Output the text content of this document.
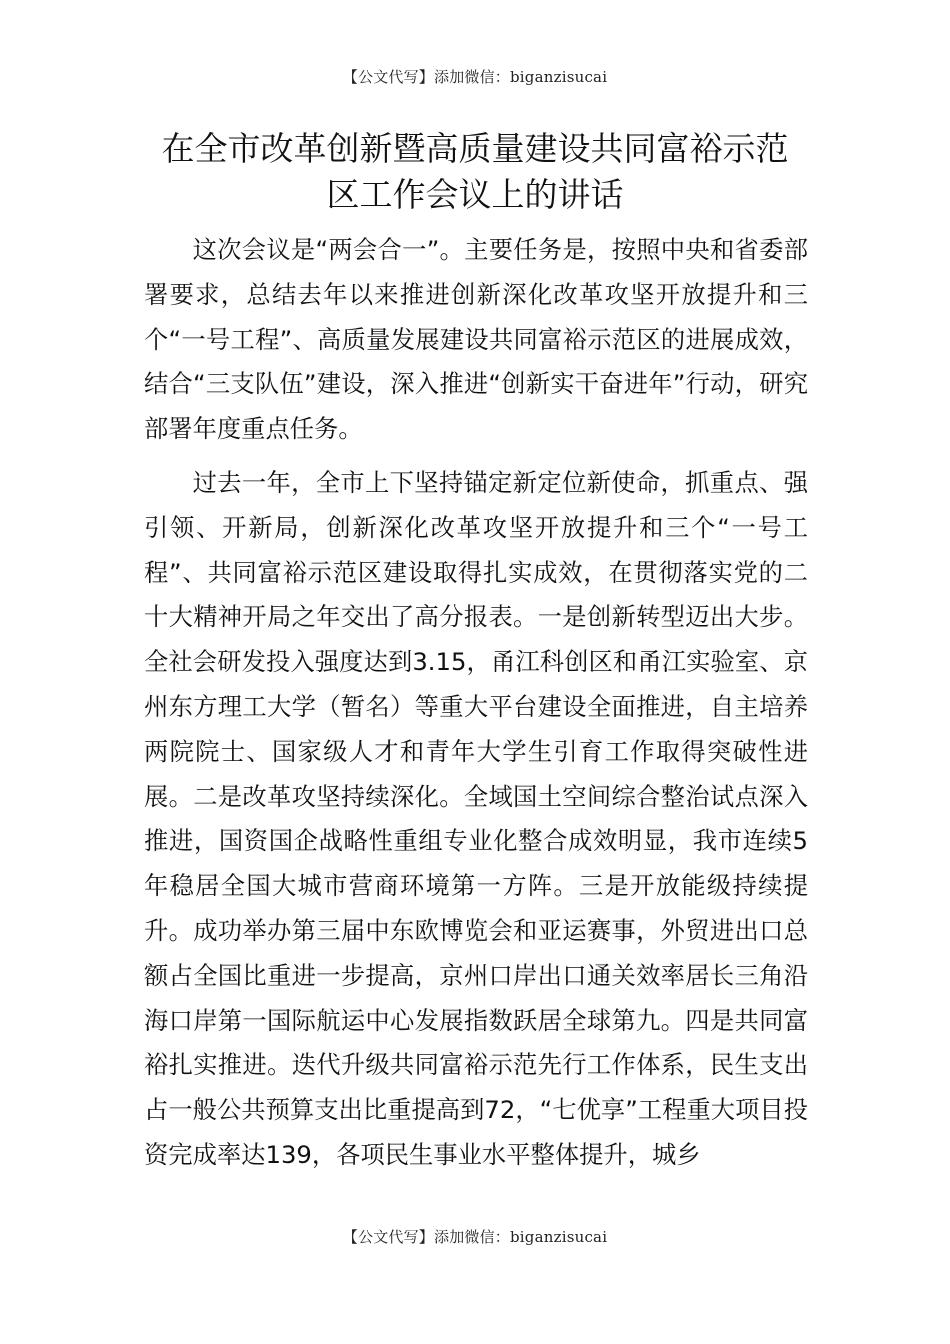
【公文代写】添加微信：biganzisucai
在全市改革创新暨高质量建设共同富裕示范
区工作会议上的讲话

这次会议是“两会合一”。主要任务是，按照中央和省委部署要求，总结去年以来推进创新深化改革攻坚开放提升和三个“一号工程”、高质量发展建设共同富裕示范区的进展成效，结合“三支队伍”建设，深入推进“创新实干奋进年”行动，研究部署年度重点任务。

过去一年，全市上下坚持锚定新定位新使命，抓重点、强引领、开新局，创新深化改革攻坚开放提升和三个“一号工程”、共同富裕示范区建设取得扎实成效，在贯彻落实党的二十大精神开局之年交出了高分报表。一是创新转型迈出大步。全社会研发投入强度达到3.15，甬江科创区和甬江实验室、京州东方理工大学（暂名）等重大平台建设全面推进，自主培养两院院士、国家级人才和青年大学生引育工作取得突破性进展。二是改革攻坚持续深化。全域国土空间综合整治试点深入推进，国资国企战略性重组专业化整合成效明显，我市连续5年稳居全国大城市营商环境第一方阵。三是开放能级持续提升。成功举办第三届中东欧博览会和亚运赛事，外贸进出口总额占全国比重进一步提高，京州口岸出口通关效率居长三角沿海口岸第一国际航运中心发展指数跃居全球第九。四是共同富裕扎实推进。迭代升级共同富裕示范先行工作体系，民生支出占一般公共预算支出比重提高到72，“七优享”工程重大项目投资完成率达139，各项民生事业水平整体提升，城乡

【公文代写】添加微信：biganzisucai
